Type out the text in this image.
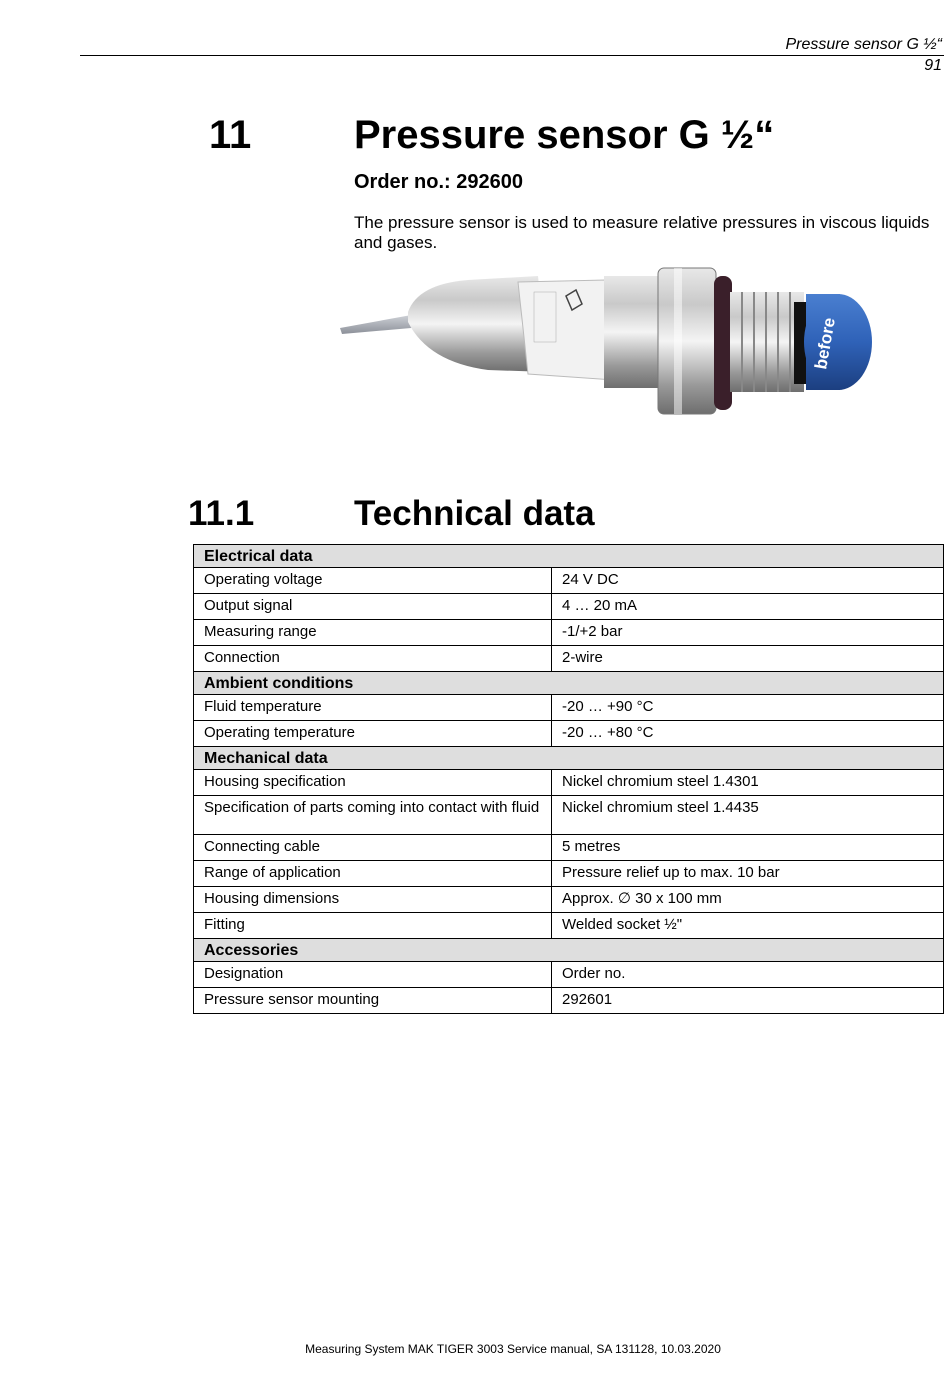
Pressure sensor G ½“
91
11	Pressure sensor G ½“
Order no.: 292600
The pressure sensor is used to measure relative pressures in viscous liquids and gases.
before
11.1	Technical data
Electrical data	
Operating voltage	24 V DC
Output signal	4 … 20 mA
Measuring range	-1/+2 bar
Connection	2-wire
Ambient conditions	
Fluid temperature	-20 … +90 °C
Operating temperature	-20 … +80 °C
Mechanical data	
Housing specification	Nickel chromium steel 1.4301
Specification of parts coming into contact with fluid	Nickel chromium steel 1.4435
Connecting cable	5 metres
Range of application	Pressure relief up to max. 10 bar
Housing dimensions	Approx. ∅ 30 x 100 mm
Fitting	Welded socket ½"
Accessories	
Designation	Order no.
Pressure sensor mounting	292601
Measuring System MAK TIGER 3003 Service manual, SA 131128, 10.03.2020
